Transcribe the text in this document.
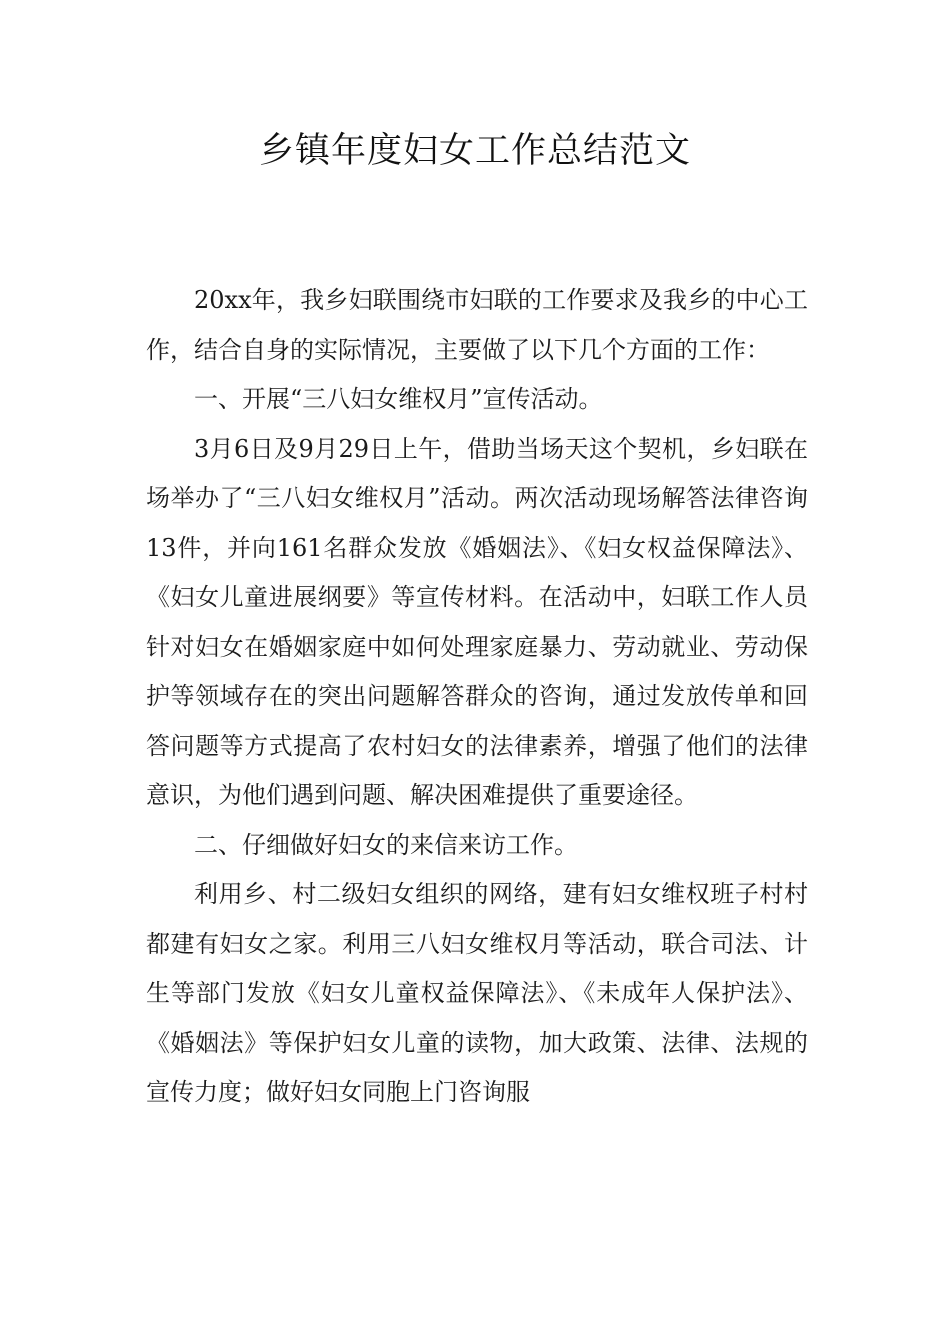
乡镇年度妇女工作总结范文

20xx年，我乡妇联围绕市妇联的工作要求及我乡的中心工作，结合自身的实际情况，主要做了以下几个方面的工作：

一、开展“三八妇女维权月”宣传活动。

3月6日及9月29日上午，借助当场天这个契机，乡妇联在场举办了“三八妇女维权月”活动。两次活动现场解答法律咨询13件，并向161名群众发放《婚姻法》、《妇女权益保障法》、《妇女儿童进展纲要》等宣传材料。在活动中，妇联工作人员针对妇女在婚姻家庭中如何处理家庭暴力、劳动就业、劳动保护等领域存在的突出问题解答群众的咨询，通过发放传单和回答问题等方式提高了农村妇女的法律素养，增强了他们的法律意识，为他们遇到问题、解决困难提供了重要途径。

二、仔细做好妇女的来信来访工作。

利用乡、村二级妇女组织的网络，建有妇女维权班子村村都建有妇女之家。利用三八妇女维权月等活动，联合司法、计生等部门发放《妇女儿童权益保障法》、《未成年人保护法》、《婚姻法》等保护妇女儿童的读物，加大政策、法律、法规的宣传力度；做好妇女同胞上门咨询服
